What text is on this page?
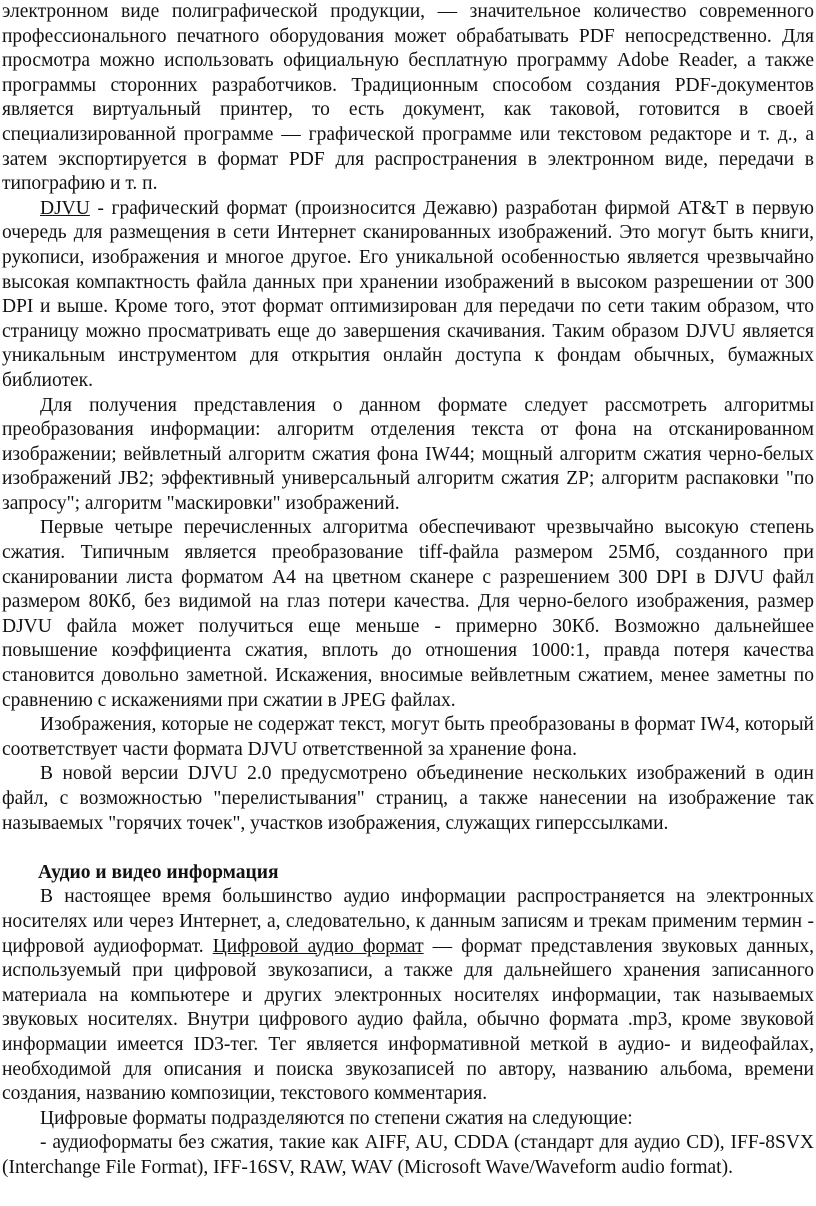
электронном виде полиграфической продукции, — значительное количество современного профессионального печатного оборудования может обрабатывать PDF непосредственно. Для просмотра можно использовать официальную бесплатную программу Adobe Reader, а также программы сторонних разработчиков. Традиционным способом создания PDF-документов является виртуальный принтер, то есть документ, как таковой, готовится в своей специализированной программе — графической программе или текстовом редакторе и т. д., а затем экспортируется в формат PDF для распространения в электронном виде, передачи в типографию и т. п.

DJVU - графический формат (произносится Дежавю) разработан фирмой AT&T в первую очередь для размещения в сети Интернет сканированных изображений. Это могут быть книги, рукописи, изображения и многое другое. Его уникальной особенностью является чрезвычайно высокая компактность файла данных при хранении изображений в высоком разрешении от 300 DPI и выше. Кроме того, этот формат оптимизирован для передачи по сети таким образом, что страницу можно просматривать еще до завершения скачивания. Таким образом DJVU является уникальным инструментом для открытия онлайн доступа к фондам обычных, бумажных библиотек.

Для получения представления о данном формате следует рассмотреть алгоритмы преобразования информации: алгоритм отделения текста от фона на отсканированном изображении; вейвлетный алгоритм сжатия фона IW44; мощный алгоритм сжатия черно-белых изображений JB2; эффективный универсальный алгоритм сжатия ZP; алгоритм распаковки "по запросу"; алгоритм "маскировки" изображений.

Первые четыре перечисленных алгоритма обеспечивают чрезвычайно высокую степень сжатия. Типичным является преобразование tiff-файла размером 25Мб, созданного при сканировании листа форматом А4 на цветном сканере с разрешением 300 DPI в DJVU файл размером 80Кб, без видимой на глаз потери качества. Для черно-белого изображения, размер DJVU файла может получиться еще меньше - примерно 30Кб. Возможно дальнейшее повышение коэффициента сжатия, вплоть до отношения 1000:1, правда потеря качества становится довольно заметной. Искажения, вносимые вейвлетным сжатием, менее заметны по сравнению с искажениями при сжатии в JPEG файлах.

Изображения, которые не содержат текст, могут быть преобразованы в формат IW4, который соответствует части формата DJVU ответственной за хранение фона.

В новой версии DJVU 2.0 предусмотрено объединение нескольких изображений в один файл, с возможностью "перелистывания" страниц, а также нанесении на изображение так называемых "горячих точек", участков изображения, служащих гиперссылками.

Аудио и видео информация

В настоящее время большинство аудио информации распространяется на электронных носителях или через Интернет, а, следовательно, к данным записям и трекам применим термин - цифровой аудиоформат. Цифровой аудио формат — формат представления звуковых данных, используемый при цифровой звукозаписи, а также для дальнейшего хранения записанного материала на компьютере и других электронных носителях информации, так называемых звуковых носителях. Внутри цифрового аудио файла, обычно формата .mp3, кроме звуковой информации имеется ID3-тег. Тег является информативной меткой в аудио- и видеофайлах, необходимой для описания и поиска звукозаписей по автору, названию альбома, времени создания, названию композиции, текстового комментария.

Цифровые форматы подразделяются по степени сжатия на следующие:

- аудиоформаты без сжатия, такие как AIFF, AU, CDDA (стандарт для аудио CD), IFF-8SVX (Interchange File Format), IFF-16SV, RAW, WAV (Microsoft Wave/Waveform audio format).
